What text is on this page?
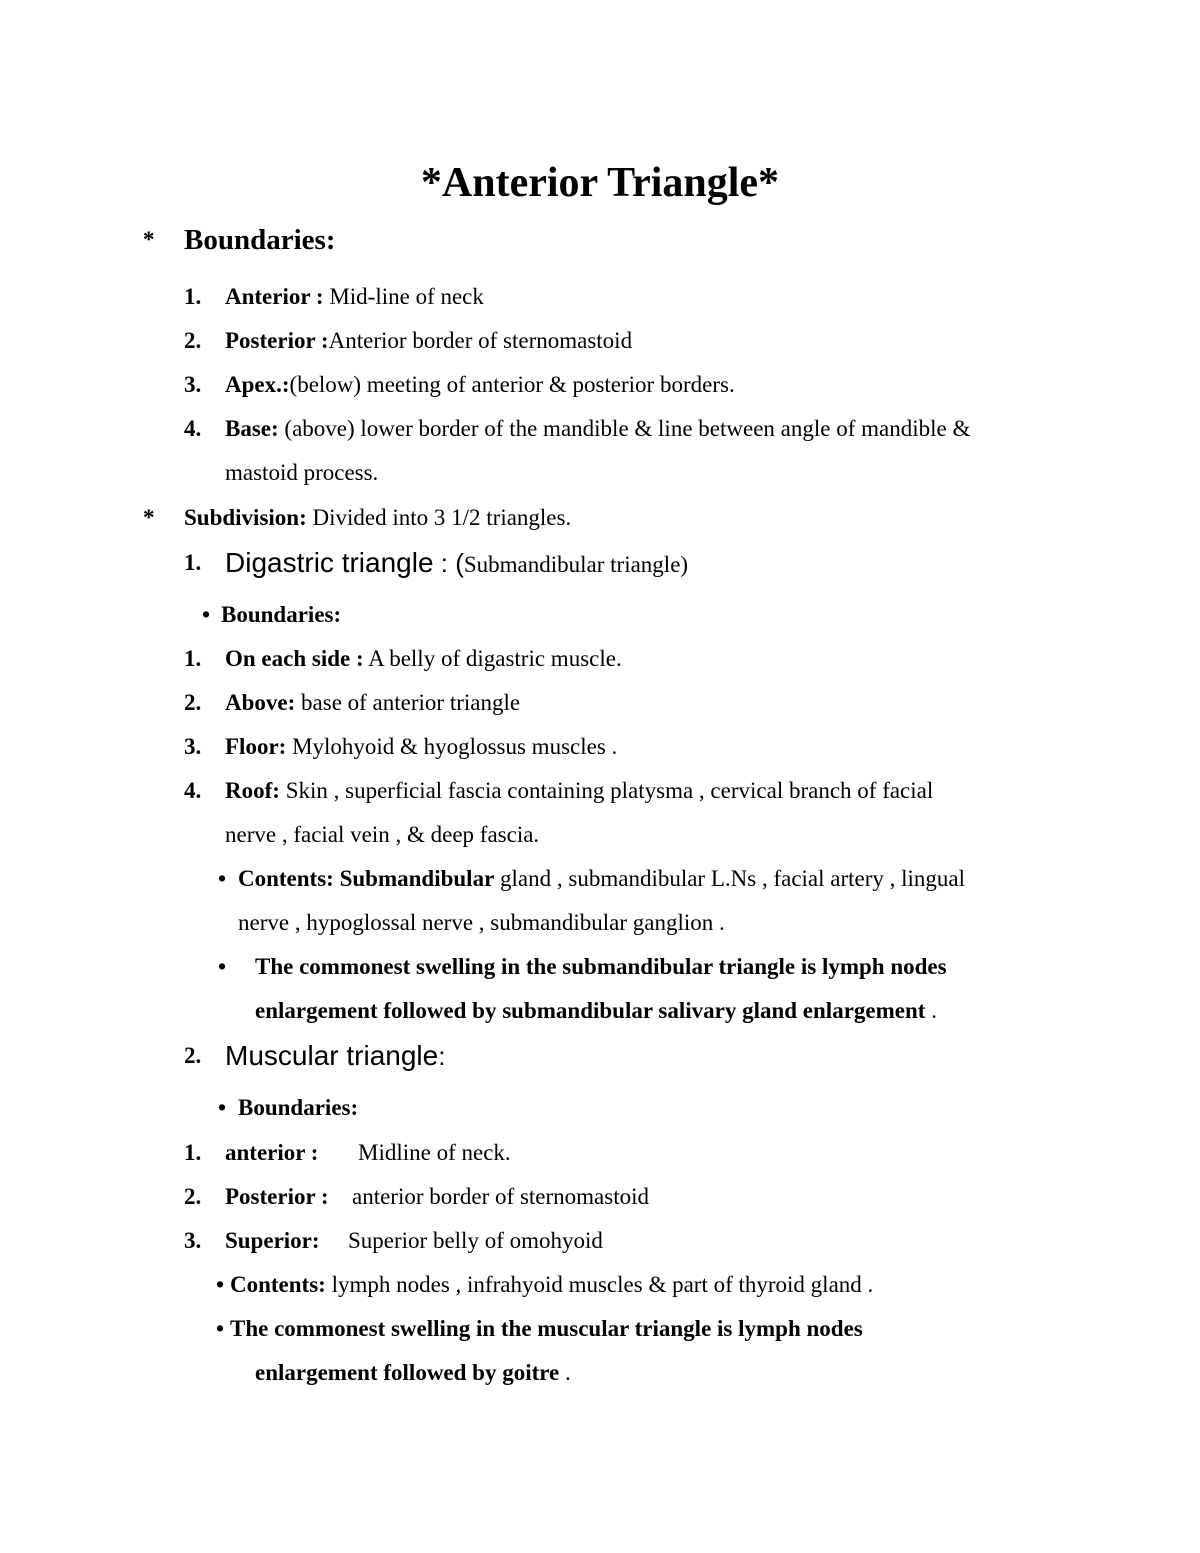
*Anterior Triangle*
* Boundaries:
1. Anterior : Mid-line of neck
2. Posterior :Anterior border of sternomastoid
3. Apex.:(below) meeting of anterior & posterior borders.
4. Base: (above) lower border of the mandible & line between angle of mandible &
mastoid process.
* Subdivision: Divided into 3 1/2 triangles.
1. Digastric triangle : (Submandibular triangle)
• Boundaries:
1. On each side : A belly of digastric muscle.
2. Above: base of anterior triangle
3. Floor: Mylohyoid & hyoglossus muscles .
4. Roof: Skin , superficial fascia containing platysma , cervical branch of facial
nerve , facial vein , & deep fascia.
• Contents: Submandibular gland , submandibular L.Ns , facial artery , lingual
nerve , hypoglossal nerve , submandibular ganglion .
• The commonest swelling in the submandibular triangle is lymph nodes
enlargement followed by submandibular salivary gland enlargement .
2. Muscular triangle:
• Boundaries:
1. anterior : Midline of neck.
2. Posterior : anterior border of sternomastoid
3. Superior: Superior belly of omohyoid
• Contents: lymph nodes , infrahyoid muscles & part of thyroid gland .
• The commonest swelling in the muscular triangle is lymph nodes
enlargement followed by goitre .
